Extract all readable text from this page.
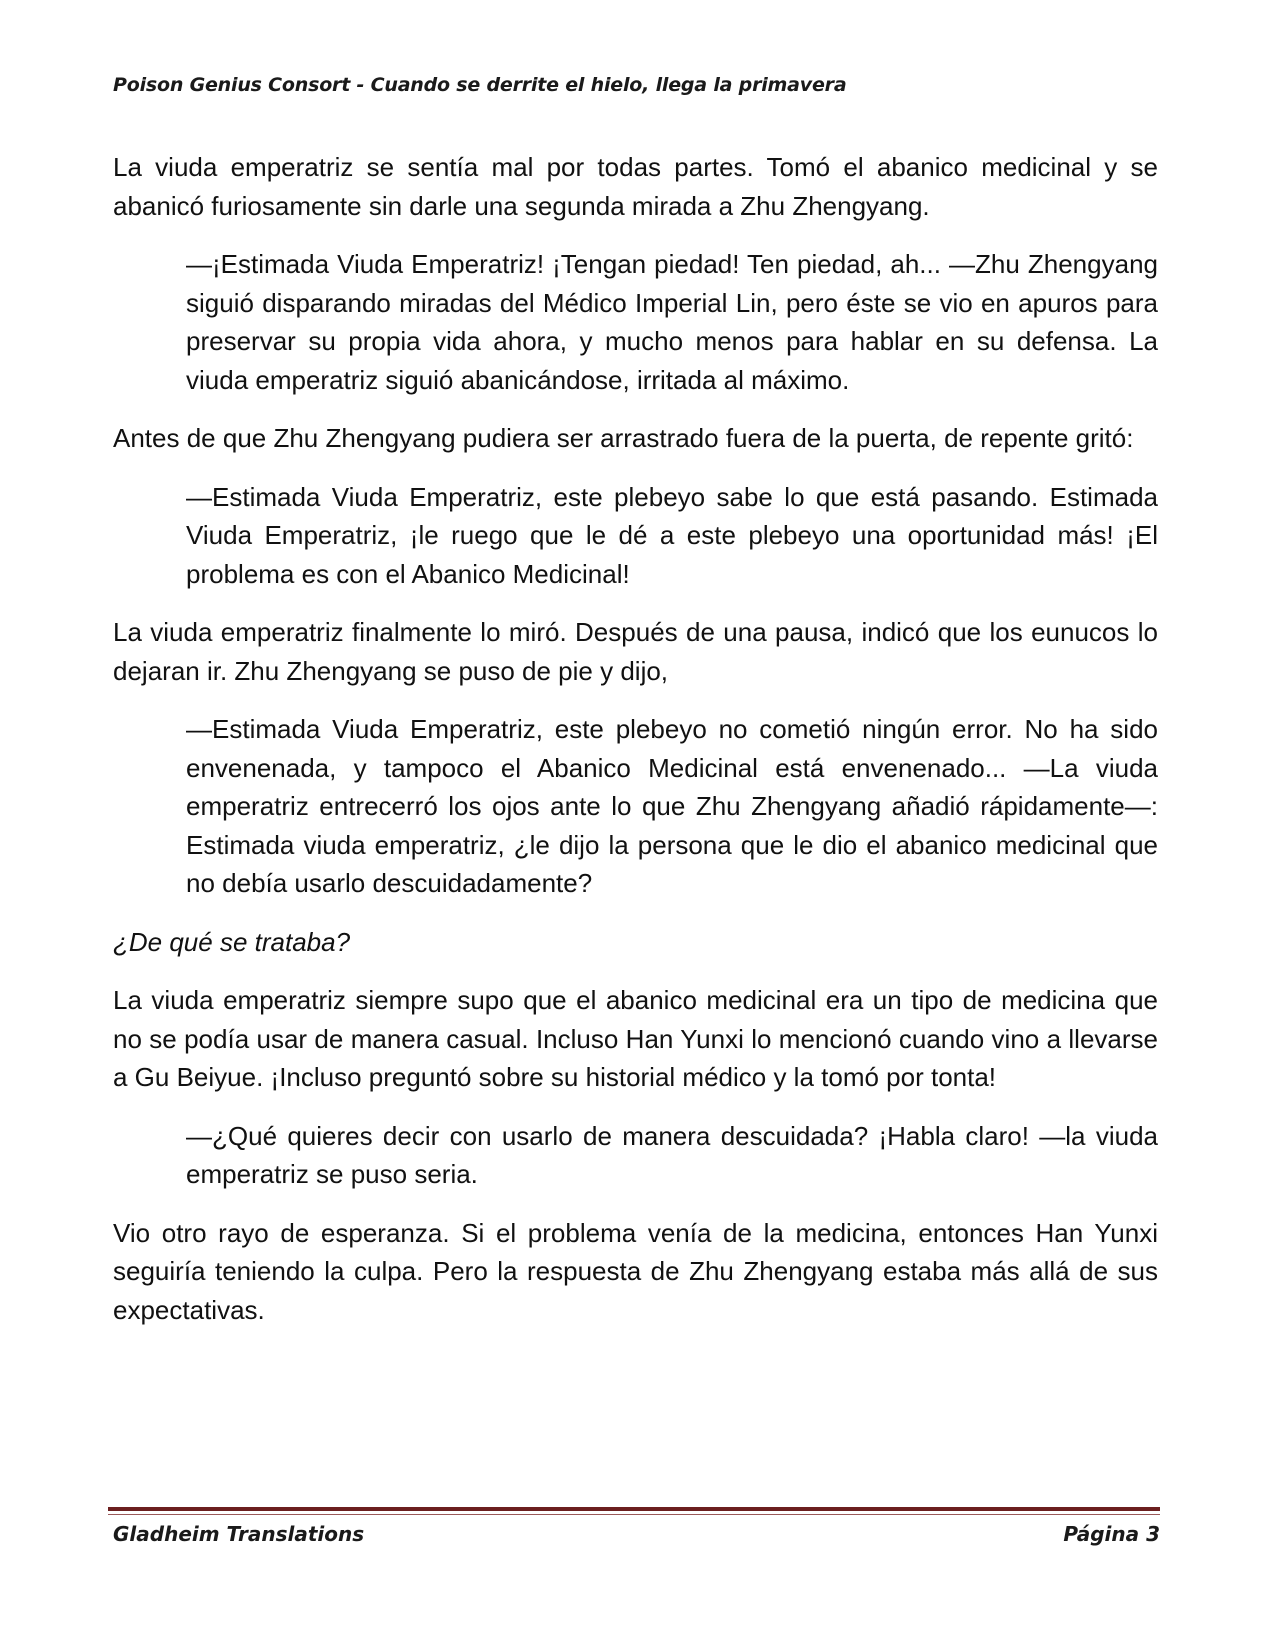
Poison Genius Consort - Cuando se derrite el hielo, llega la primavera

La viuda emperatriz se sentía mal por todas partes. Tomó el abanico medicinal y se abanicó furiosamente sin darle una segunda mirada a Zhu Zhengyang.

—¡Estimada Viuda Emperatriz! ¡Tengan piedad! Ten piedad, ah... —Zhu Zhengyang siguió disparando miradas del Médico Imperial Lin, pero éste se vio en apuros para preservar su propia vida ahora, y mucho menos para hablar en su defensa. La viuda emperatriz siguió abanicándose, irritada al máximo.

Antes de que Zhu Zhengyang pudiera ser arrastrado fuera de la puerta, de repente gritó:

—Estimada Viuda Emperatriz, este plebeyo sabe lo que está pasando. Estimada Viuda Emperatriz, ¡le ruego que le dé a este plebeyo una oportunidad más! ¡El problema es con el Abanico Medicinal!

La viuda emperatriz finalmente lo miró. Después de una pausa, indicó que los eunucos lo dejaran ir. Zhu Zhengyang se puso de pie y dijo,

—Estimada Viuda Emperatriz, este plebeyo no cometió ningún error. No ha sido envenenada, y tampoco el Abanico Medicinal está envenenado... —La viuda emperatriz entrecerró los ojos ante lo que Zhu Zhengyang añadió rápidamente—: Estimada viuda emperatriz, ¿le dijo la persona que le dio el abanico medicinal que no debía usarlo descuidadamente?

¿De qué se trataba?

La viuda emperatriz siempre supo que el abanico medicinal era un tipo de medicina que no se podía usar de manera casual. Incluso Han Yunxi lo mencionó cuando vino a llevarse a Gu Beiyue. ¡Incluso preguntó sobre su historial médico y la tomó por tonta!

—¿Qué quieres decir con usarlo de manera descuidada? ¡Habla claro! —la viuda emperatriz se puso seria.

Vio otro rayo de esperanza. Si el problema venía de la medicina, entonces Han Yunxi seguiría teniendo la culpa. Pero la respuesta de Zhu Zhengyang estaba más allá de sus expectativas.

Gladheim Translations	Página 3
